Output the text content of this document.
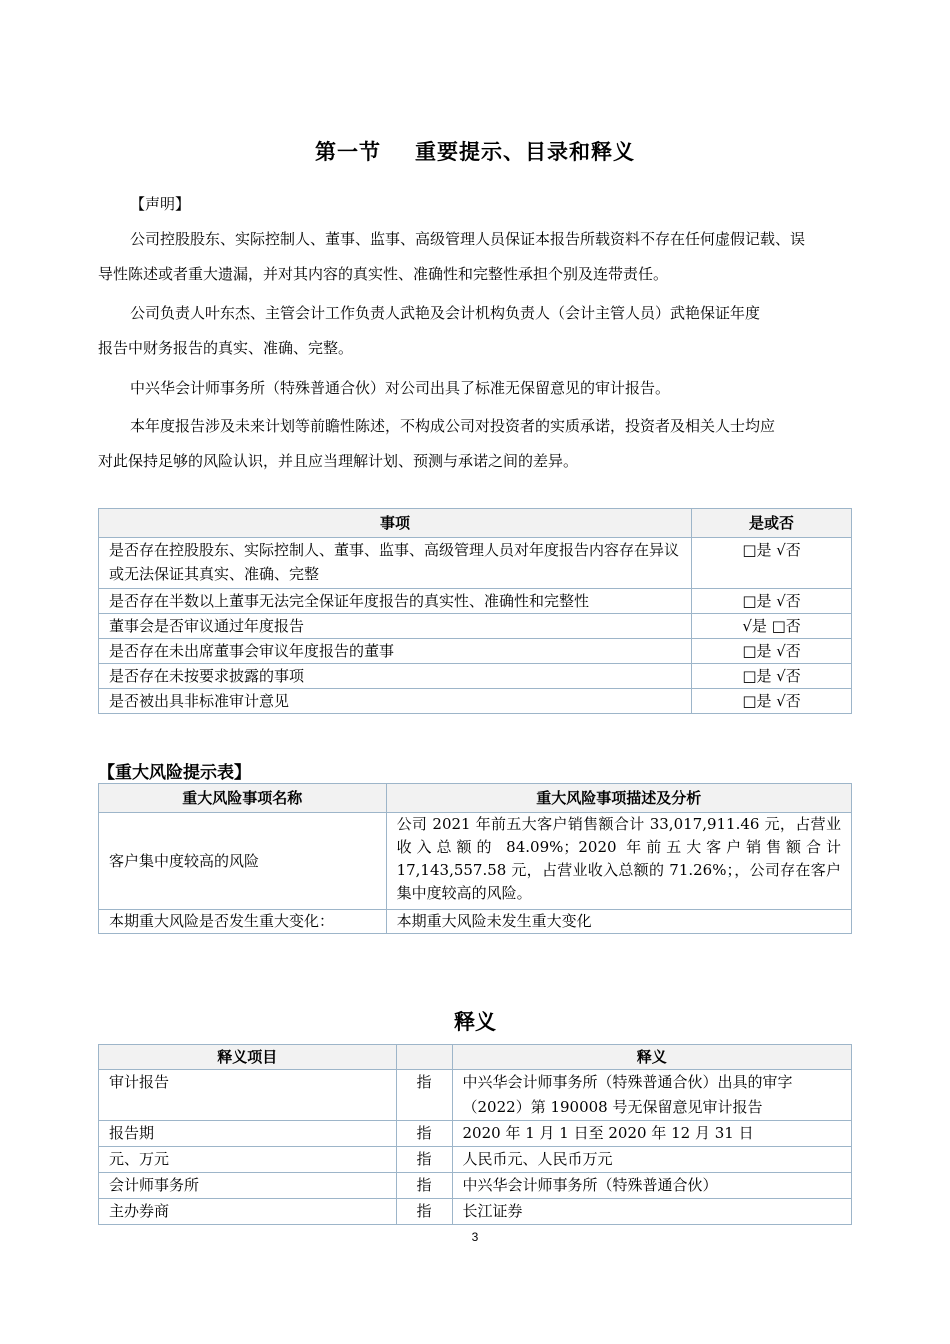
第一节 重要提示、目录和释义

【声明】

公司控股股东、实际控制人、董事、监事、高级管理人员保证本报告所载资料不存在任何虚假记载、误
导性陈述或者重大遗漏，并对其内容的真实性、准确性和完整性承担个别及连带责任。

公司负责人叶东杰、主管会计工作负责人武艳及会计机构负责人（会计主管人员）武艳保证年度
报告中财务报告的真实、准确、完整。

中兴华会计师事务所（特殊普通合伙）对公司出具了标准无保留意见的审计报告。

本年度报告涉及未来计划等前瞻性陈述，不构成公司对投资者的实质承诺，投资者及相关人士均应
对此保持足够的风险认识，并且应当理解计划、预测与承诺之间的差异。

事项	是或否
是否存在控股股东、实际控制人、董事、监事、高级管理人员对年度报告内容存在异议或无法保证其真实、准确、完整	□是 √否
是否存在半数以上董事无法完全保证年度报告的真实性、准确性和完整性	□是 √否
董事会是否审议通过年度报告	√是 □否
是否存在未出席董事会审议年度报告的董事	□是 √否
是否存在未按要求披露的事项	□是 √否
是否被出具非标准审计意见	□是 √否
【重大风险提示表】
重大风险事项名称	重大风险事项描述及分析
客户集中度较高的风险	公司 2021 年前五大客户销售额合计 33,017,911.46 元，占营业收入总额的 84.09%；2020 年前五大客户销售额合计 17,143,557.58 元，占营业收入总额的 71.26%；，公司存在客户集中度较高的风险。
本期重大风险是否发生重大变化：	本期重大风险未发生重大变化
释义
释义项目		释义
审计报告	指	中兴华会计师事务所（特殊普通合伙）出具的审字（2022）第 190008 号无保留意见审计报告
报告期	指	2020 年 1 月 1 日至 2020 年 12 月 31 日
元、万元	指	人民币元、人民币万元
会计师事务所	指	中兴华会计师事务所（特殊普通合伙）
主办券商	指	长江证券
3
